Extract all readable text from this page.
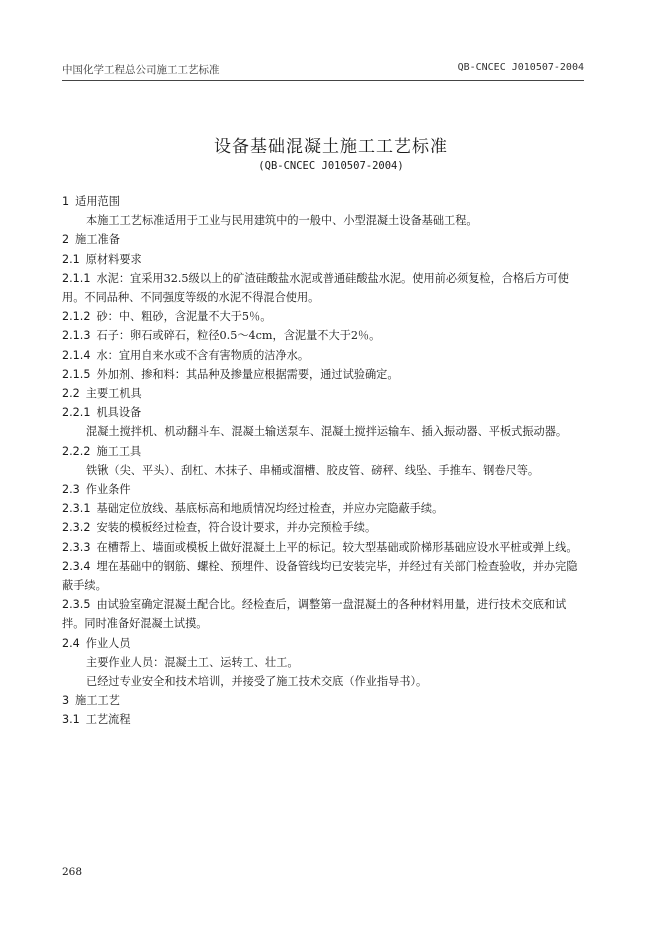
中国化学工程总公司施工工艺标准	QB-CNCEC J010507-2004
设备基础混凝土施工工艺标准
(QB-CNCEC J010507-2004)
1 适用范围
本施工工艺标准适用于工业与民用建筑中的一般中、小型混凝土设备基础工程。
2 施工准备
2.1 原材料要求
2.1.1 水泥：宜采用32.5级以上的矿渣硅酸盐水泥或普通硅酸盐水泥。使用前必须复检，合格后方可使用。不同品种、不同强度等级的水泥不得混合使用。
2.1.2 砂：中、粗砂，含泥量不大于5％。
2.1.3 石子：卵石或碎石，粒径0.5～4cm，含泥量不大于2％。
2.1.4 水：宜用自来水或不含有害物质的洁净水。
2.1.5 外加剂、掺和料：其品种及掺量应根据需要，通过试验确定。
2.2 主要工机具
2.2.1 机具设备
混凝土搅拌机、机动翻斗车、混凝土输送泵车、混凝土搅拌运输车、插入振动器、平板式振动器。
2.2.2 施工工具
铁锹（尖、平头）、刮杠、木抹子、串桶或溜槽、胶皮管、磅秤、线坠、手推车、钢卷尺等。
2.3 作业条件
2.3.1 基础定位放线、基底标高和地质情况均经过检查，并应办完隐蔽手续。
2.3.2 安装的模板经过检查，符合设计要求，并办完预检手续。
2.3.3 在槽帮上、墙面或模板上做好混凝土上平的标记。较大型基础或阶梯形基础应设水平桩或弹上线。
2.3.4 埋在基础中的钢筋、螺栓、预埋件、设备管线均已安装完毕，并经过有关部门检查验收，并办完隐蔽手续。
2.3.5 由试验室确定混凝土配合比。经检查后，调整第一盘混凝土的各种材料用量，进行技术交底和试拌。同时准备好混凝土试摸。
2.4 作业人员
主要作业人员：混凝土工、运转工、壮工。
已经过专业安全和技术培训，并接受了施工技术交底（作业指导书）。
3 施工工艺
3.1 工艺流程
268
